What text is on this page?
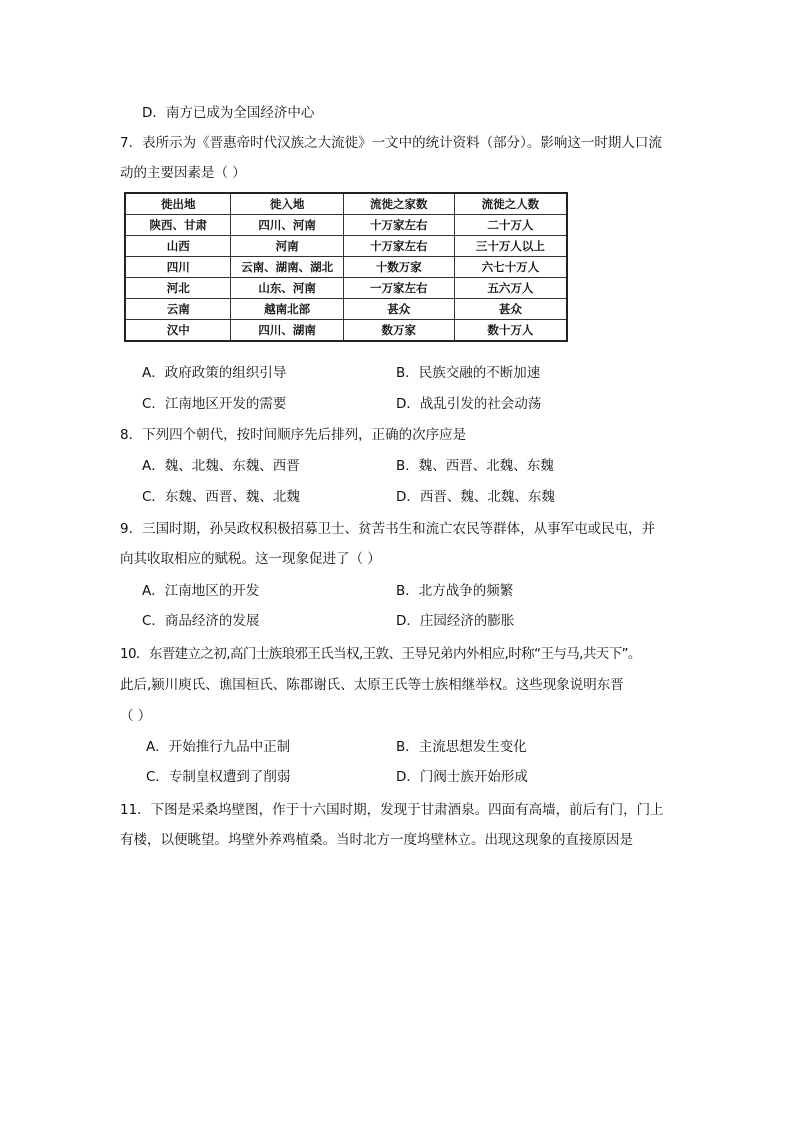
D．南方已成为全国经济中心
7．表所示为《晋惠帝时代汉族之大流徙》一文中的统计资料（部分）。影响这一时期人口流
动的主要因素是（ ）
徙出地	徙入地	流徙之家数	流徙之人数
陕西、甘肃	四川、河南	十万家左右	二十万人
山西	河南	十万家左右	三十万人以上
四川	云南、湖南、湖北	十数万家	六七十万人
河北	山东、河南	一万家左右	五六万人
云南	越南北部	甚众	甚众
汉中	四川、湖南	数万家	数十万人
A．政府政策的组织引导	B．民族交融的不断加速
C．江南地区开发的需要	D．战乱引发的社会动荡
8．下列四个朝代，按时间顺序先后排列，正确的次序应是
A．魏、北魏、东魏、西晋	B．魏、西晋、北魏、东魏
C．东魏、西晋、魏、北魏	D．西晋、魏、北魏、东魏
9．三国时期，孙吴政权积极招募卫士、贫苦书生和流亡农民等群体，从事军屯或民屯，并
向其收取相应的赋税。这一现象促进了（ ）
A．江南地区的开发	B．北方战争的频繁
C．商品经济的发展	D．庄园经济的膨胀
10．东晋建立之初,高门士族琅邪王氏当权,王敦、王导兄弟内外相应,时称“王与马,共天下”。
此后,颍川庾氏、谯国桓氏、陈郡谢氏、太原王氏等士族相继举权。这些现象说明东晋
（ ）
A．开始推行九品中正制	B．主流思想发生变化
C．专制皇权遭到了削弱	D．门阀士族开始形成
11．下图是采桑坞壁图，作于十六国时期，发现于甘肃酒泉。四面有高墙，前后有门，门上
有楼，以便眺望。坞壁外养鸡植桑。当时北方一度坞壁林立。出现这现象的直接原因是
